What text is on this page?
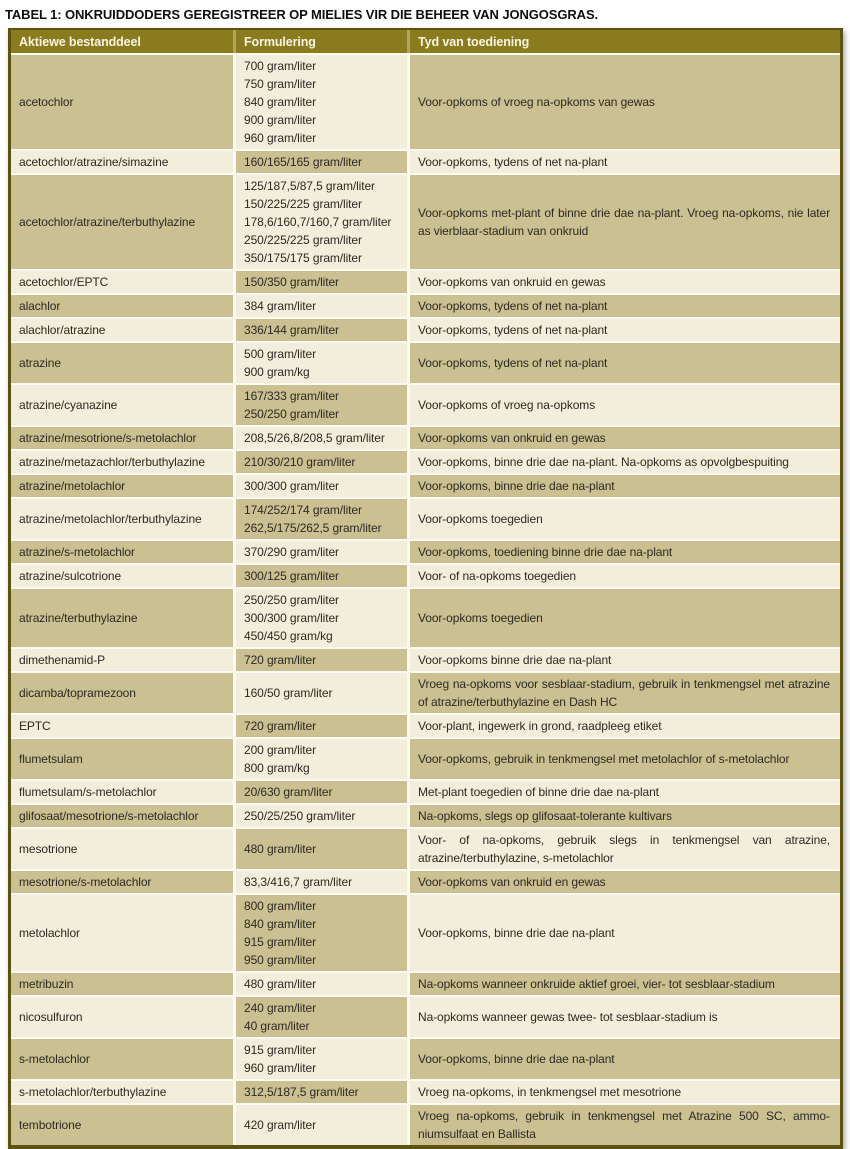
TABEL 1: ONKRUIDDODERS GEREGISTREER OP MIELIES VIR DIE BEHEER VAN JONGOSGRAS.
Aktiewe bestanddeel	Formulering	Tyd van toediening
acetochlor	700 gram/liter
750 gram/liter
840 gram/liter
900 gram/liter
960 gram/liter	Voor-opkoms of vroeg na-opkoms van gewas
acetochlor/atrazine/simazine	160/165/165 gram/liter	Voor-opkoms, tydens of net na-plant
acetochlor/atrazine/terbuthylazine	125/187,5/87,5 gram/liter
150/225/225 gram/liter
178,6/160,7/160,7 gram/liter
250/225/225 gram/liter
350/175/175 gram/liter	Voor-opkoms met-plant of binne drie dae na-plant. Vroeg na-opkoms, nie later as vierblaar-stadium van onkruid
acetochlor/EPTC	150/350 gram/liter	Voor-opkoms van onkruid en gewas
alachlor	384 gram/liter	Voor-opkoms, tydens of net na-plant
alachlor/atrazine	336/144 gram/liter	Voor-opkoms, tydens of net na-plant
atrazine	500 gram/liter
900 gram/kg	Voor-opkoms, tydens of net na-plant
atrazine/cyanazine	167/333 gram/liter
250/250 gram/liter	Voor-opkoms of vroeg na-opkoms
atrazine/mesotrione/s-metolachlor	208,5/26,8/208,5 gram/liter	Voor-opkoms van onkruid en gewas
atrazine/metazachlor/terbuthylazine	210/30/210 gram/liter	Voor-opkoms, binne drie dae na-plant. Na-opkoms as opvolgbespuiting
atrazine/metolachlor	300/300 gram/liter	Voor-opkoms, binne drie dae na-plant
atrazine/metolachlor/terbuthylazine	174/252/174 gram/liter
262,5/175/262,5 gram/liter	Voor-opkoms toegedien
atrazine/s-metolachlor	370/290 gram/liter	Voor-opkoms, toediening binne drie dae na-plant
atrazine/sulcotrione	300/125 gram/liter	Voor- of na-opkoms toegedien
atrazine/terbuthylazine	250/250 gram/liter
300/300 gram/liter
450/450 gram/kg	Voor-opkoms toegedien
dimethenamid-P	720 gram/liter	Voor-opkoms binne drie dae na-plant
dicamba/topramezoon	160/50 gram/liter	Vroeg na-opkoms voor sesblaar-stadium, gebruik in tenkmengsel met atrazine of atrazine/terbuthylazine en Dash HC
EPTC	720 gram/liter	Voor-plant, ingewerk in grond, raadpleeg etiket
flumetsulam	200 gram/liter
800 gram/kg	Voor-opkoms, gebruik in tenkmengsel met metolachlor of s-metolachlor
flumetsulam/s-metolachlor	20/630 gram/liter	Met-plant toegedien of binne drie dae na-plant
glifosaat/mesotrione/s-metolachlor	250/25/250 gram/liter	Na-opkoms, slegs op glifosaat-tolerante kultivars
mesotrione	480 gram/liter	Voor- of na-opkoms, gebruik slegs in tenkmengsel van atrazine, atrazine/terbuthylazine, s-metolachlor
mesotrione/s-metolachlor	83,3/416,7 gram/liter	Voor-opkoms van onkruid en gewas
metolachlor	800 gram/liter
840 gram/liter
915 gram/liter
950 gram/liter	Voor-opkoms, binne drie dae na-plant
metribuzin	480 gram/liter	Na-opkoms wanneer onkruide aktief groei, vier- tot sesblaar-stadium
nicosulfuron	240 gram/liter
40 gram/liter	Na-opkoms wanneer gewas twee- tot sesblaar-stadium is
s-metolachlor	915 gram/liter
960 gram/liter	Voor-opkoms, binne drie dae na-plant
s-metolachlor/terbuthylazine	312,5/187,5 gram/liter	Vroeg na-opkoms, in tenkmengsel met mesotrione
tembotrione	420 gram/liter	Vroeg na-opkoms, gebruik in tenkmengsel met Atrazine 500 SC, ammoniumsulfaat en Ballista
